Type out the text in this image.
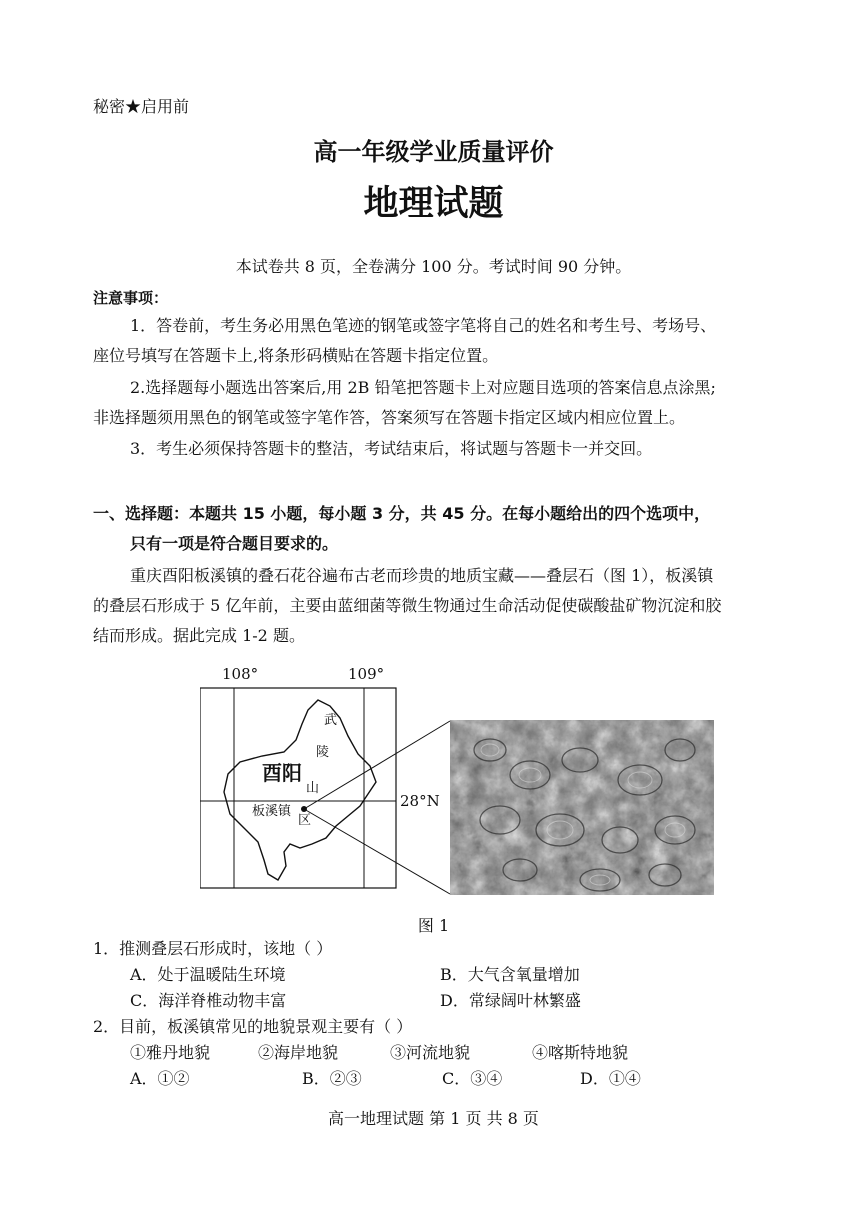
秘密★启用前
高一年级学业质量评价
地理试题
本试卷共 8 页，全卷满分 100 分。考试时间 90 分钟。
注意事项：
1．答卷前，考生务必用黑色笔迹的钢笔或签字笔将自己的姓名和考生号、考场号、
座位号填写在答题卡上,将条形码横贴在答题卡指定位置。
2.选择题每小题选出答案后,用 2B 铅笔把答题卡上对应题目选项的答案信息点涂黑;
非选择题须用黑色的钢笔或签字笔作答，答案须写在答题卡指定区域内相应位置上。
3．考生必须保持答题卡的整洁，考试结束后，将试题与答题卡一并交回。
一、选择题：本题共 15 小题，每小题 3 分，共 45 分。在每小题给出的四个选项中，
只有一项是符合题目要求的。
重庆酉阳板溪镇的叠石花谷遍布古老而珍贵的地质宝藏——叠层石（图 1），板溪镇
的叠层石形成于 5 亿年前，主要由蓝细菌等微生物通过生命活动促使碳酸盐矿物沉淀和胶
结而形成。据此完成 1-2 题。
108°	109°
28°N
酉阳
板溪镇
武
陵
山
区
图 1
1．推测叠层石形成时，该地（ ）
A．处于温暖陆生环境	B．大气含氧量增加
C．海洋脊椎动物丰富	D．常绿阔叶林繁盛
2．目前，板溪镇常见的地貌景观主要有（ ）
①雅丹地貌	②海岸地貌	③河流地貌	④喀斯特地貌
A．①②	B．②③	C．③④	D．①④
高一地理试题 第 1 页 共 8 页
